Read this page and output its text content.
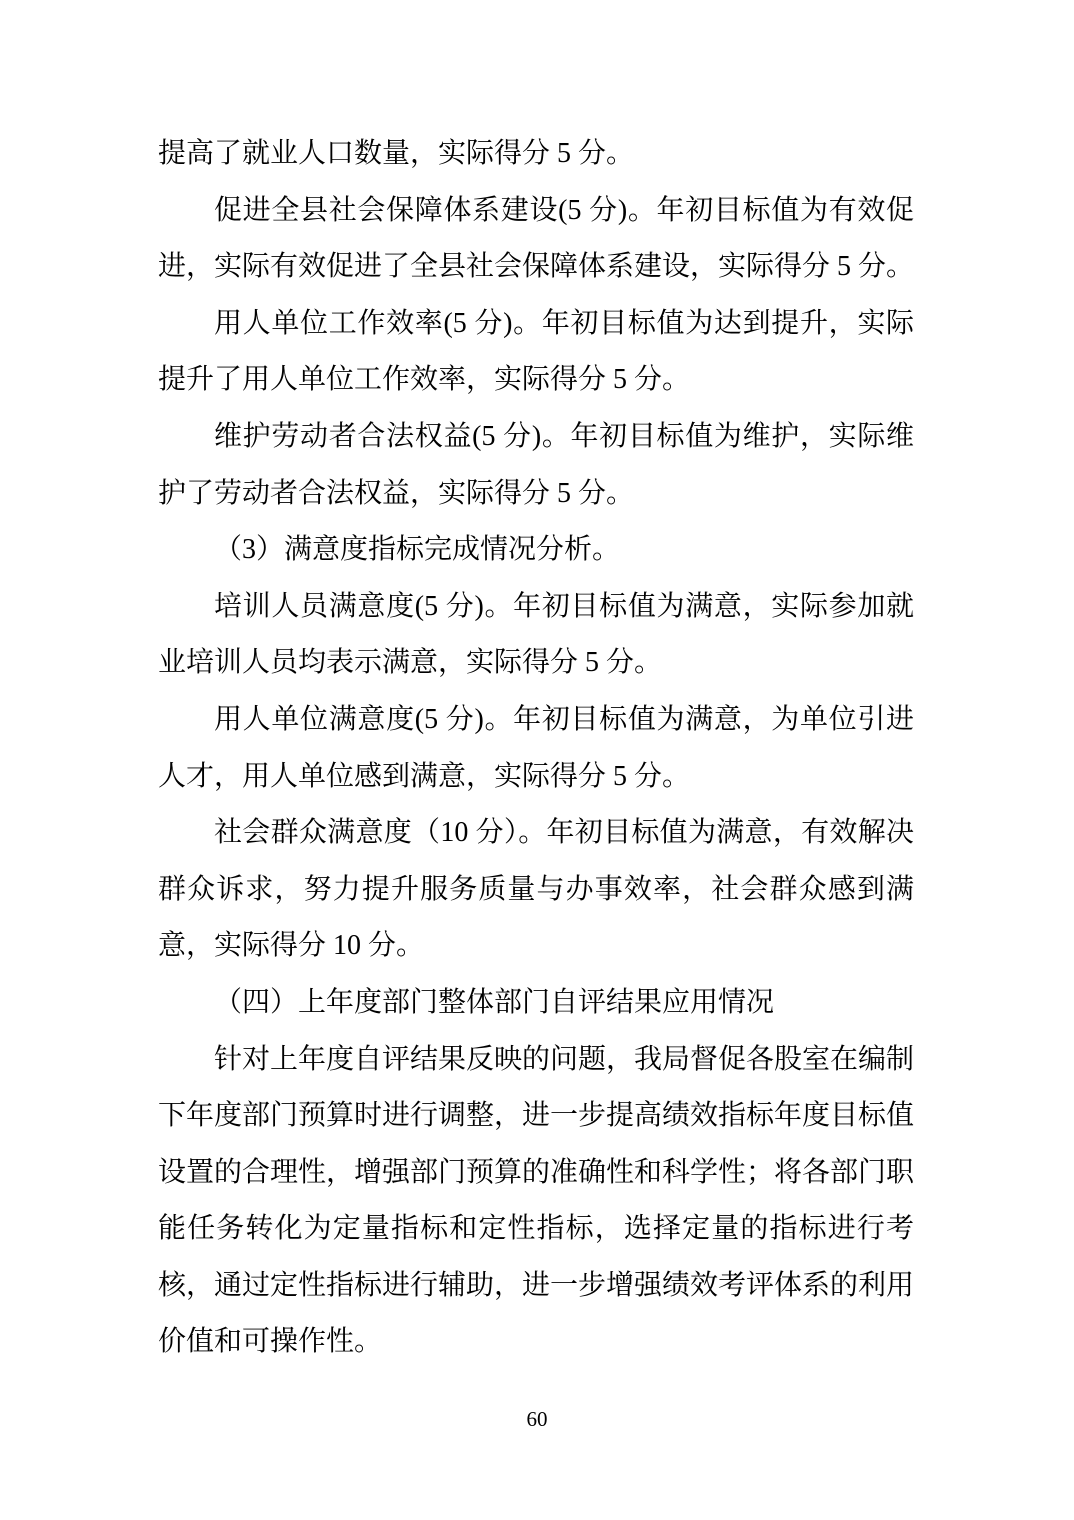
提高了就业人口数量，实际得分 5 分。

促进全县社会保障体系建设(5 分)。年初目标值为有效促进，实际有效促进了全县社会保障体系建设，实际得分 5 分。

用人单位工作效率(5 分)。年初目标值为达到提升，实际提升了用人单位工作效率，实际得分 5 分。

维护劳动者合法权益(5 分)。年初目标值为维护，实际维护了劳动者合法权益，实际得分 5 分。

（3）满意度指标完成情况分析。

培训人员满意度(5 分)。年初目标值为满意，实际参加就业培训人员均表示满意，实际得分 5 分。

用人单位满意度(5 分)。年初目标值为满意，为单位引进人才，用人单位感到满意，实际得分 5 分。

社会群众满意度（10 分）。年初目标值为满意，有效解决群众诉求，努力提升服务质量与办事效率，社会群众感到满意，实际得分 10 分。

（四）上年度部门整体部门自评结果应用情况

针对上年度自评结果反映的问题，我局督促各股室在编制下年度部门预算时进行调整，进一步提高绩效指标年度目标值设置的合理性，增强部门预算的准确性和科学性；将各部门职能任务转化为定量指标和定性指标，选择定量的指标进行考核，通过定性指标进行辅助，进一步增强绩效考评体系的利用价值和可操作性。

60
